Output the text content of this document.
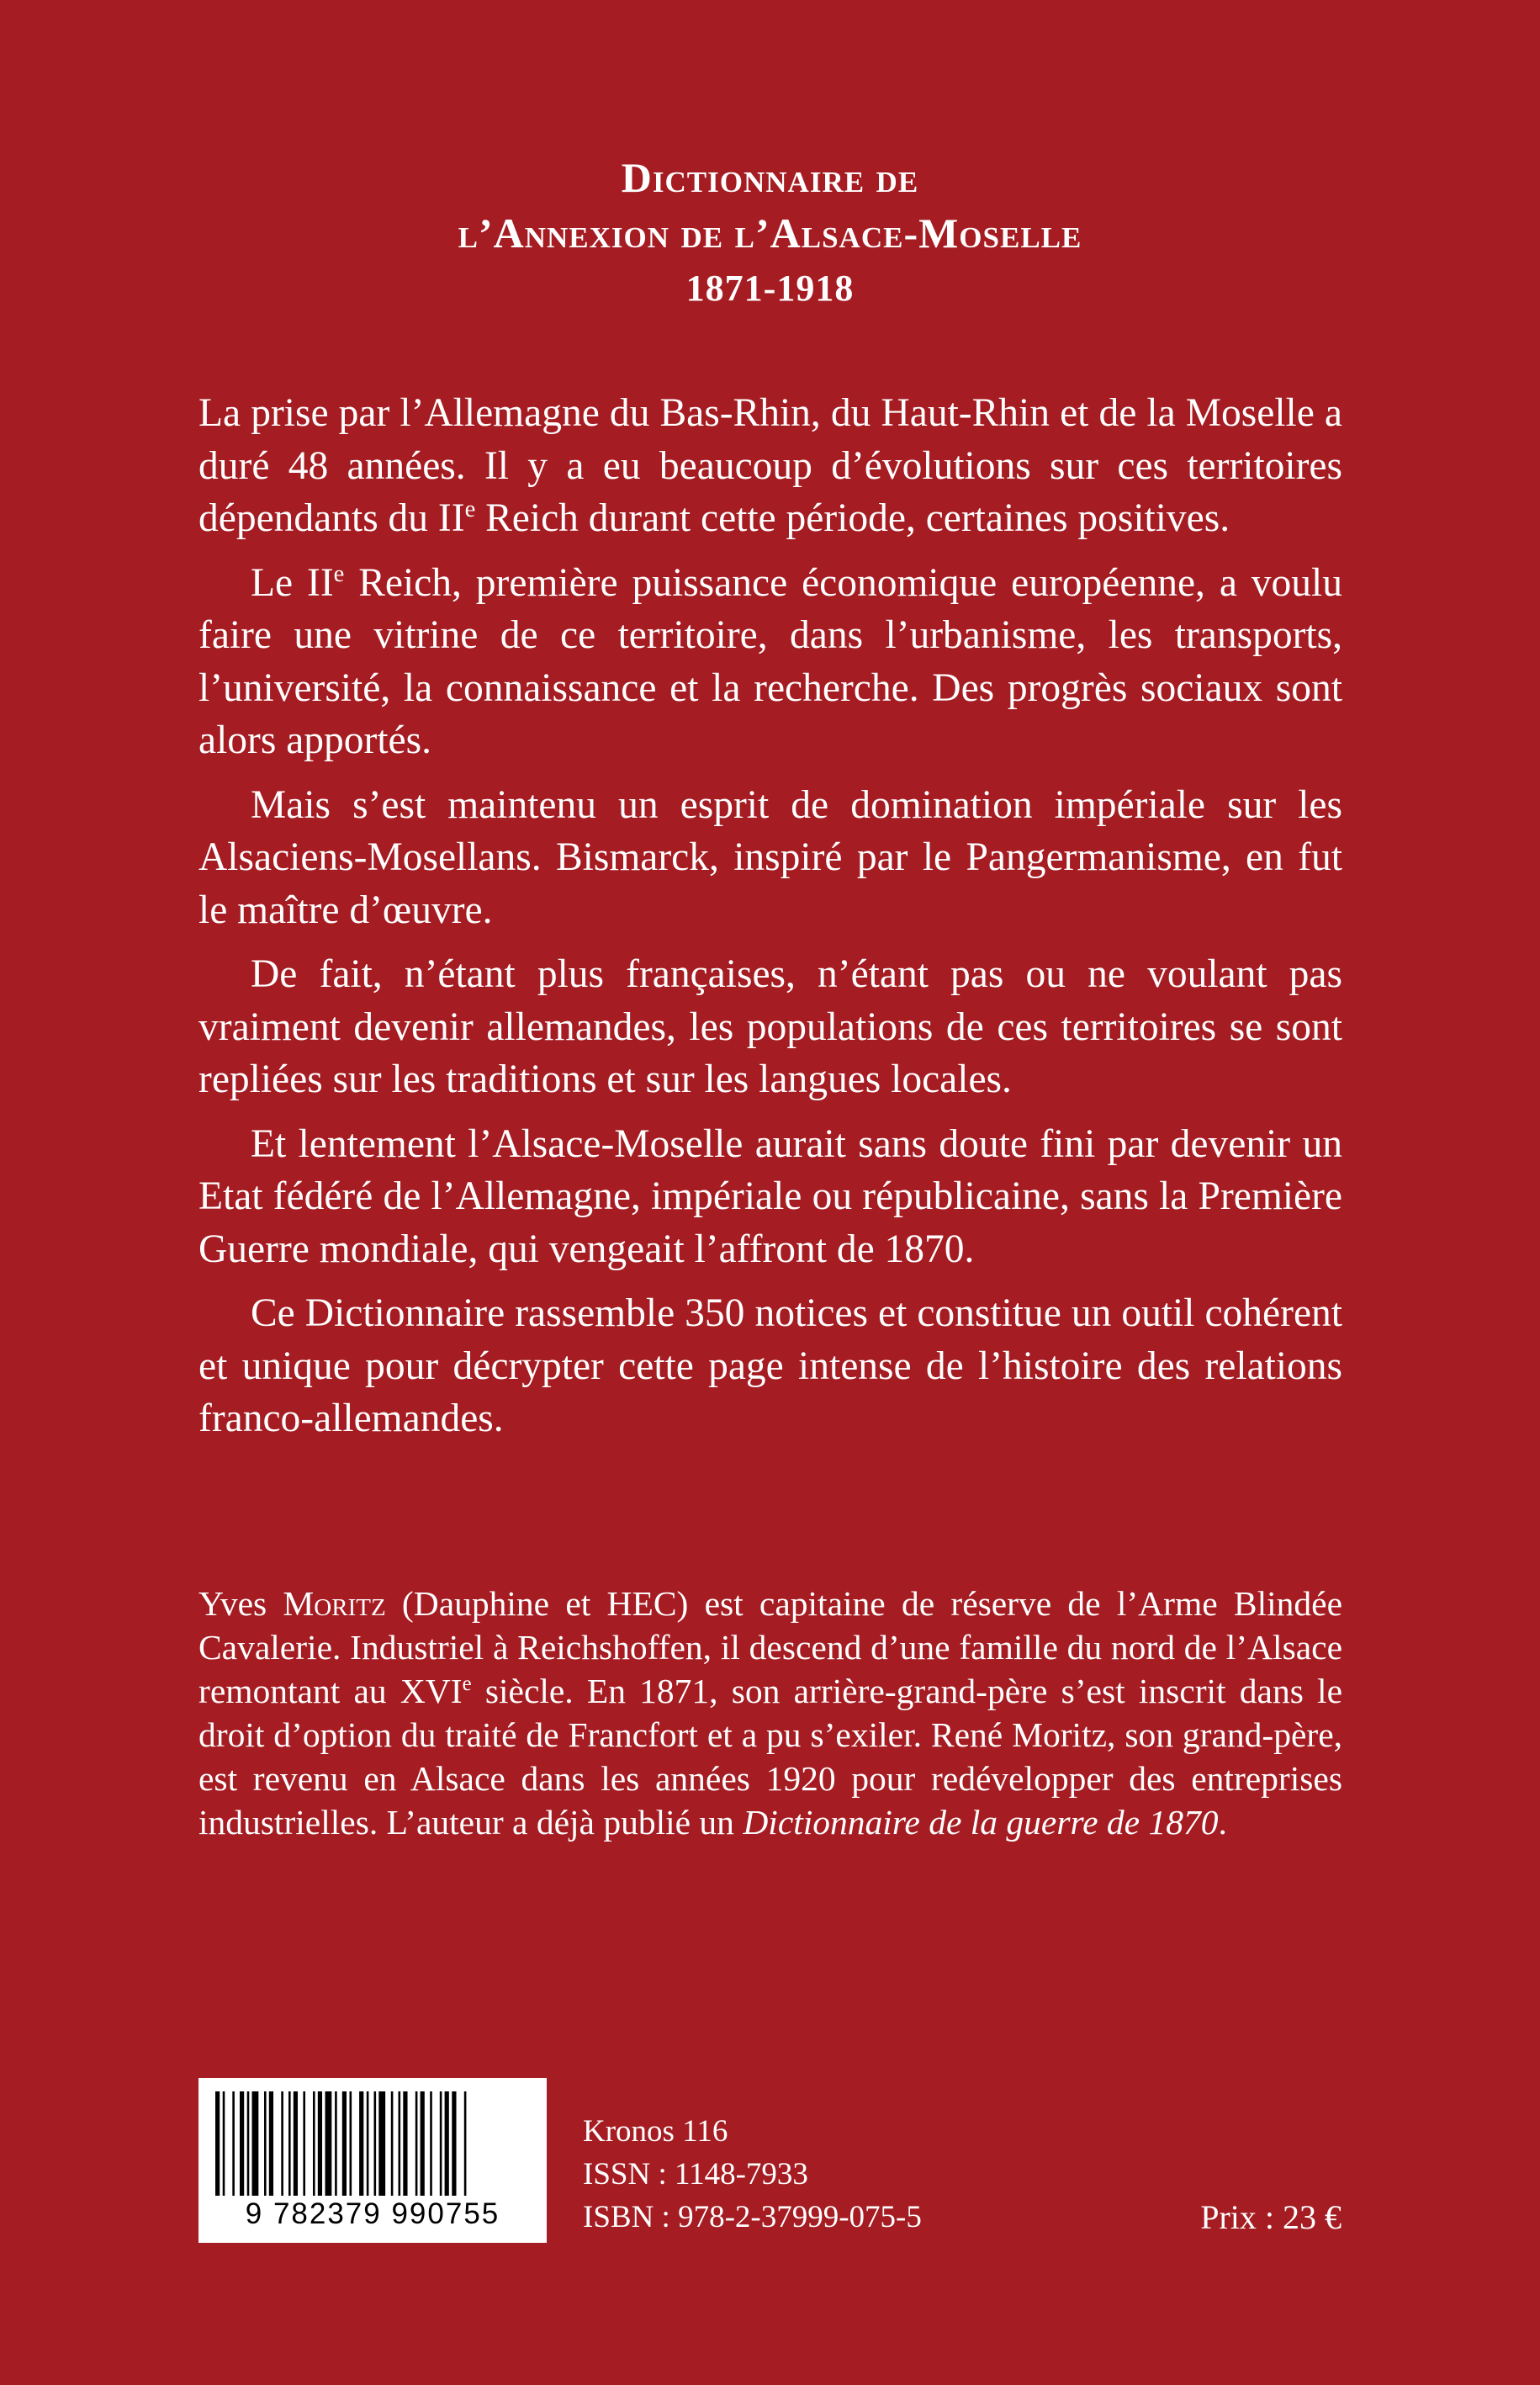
Dictionnaire de
l’Annexion de l’Alsace-Moselle
1871-1918

La prise par l’Allemagne du Bas-Rhin, du Haut-Rhin et de la Moselle a duré 48 années. Il y a eu beaucoup d’évolutions sur ces territoires dépendants du IIe Reich durant cette période, certaines positives.

Le IIe Reich, première puissance économique européenne, a voulu faire une vitrine de ce territoire, dans l’urbanisme, les transports, l’université, la connaissance et la recherche. Des progrès sociaux sont alors apportés.

Mais s’est maintenu un esprit de domination impériale sur les Alsaciens-Mosellans. Bismarck, inspiré par le Pangermanisme, en fut le maître d’œuvre.

De fait, n’étant plus françaises, n’étant pas ou ne voulant pas vraiment devenir allemandes, les populations de ces territoires se sont repliées sur les traditions et sur les langues locales.

Et lentement l’Alsace-Moselle aurait sans doute fini par devenir un Etat fédéré de l’Allemagne, impériale ou républicaine, sans la Première Guerre mondiale, qui vengeait l’affront de 1870.

Ce Dictionnaire rassemble 350 notices et constitue un outil cohérent et unique pour décrypter cette page intense de l’histoire des relations franco-allemandes.

Yves Moritz (Dauphine et HEC) est capitaine de réserve de l’Arme Blindée Cavalerie. Industriel à Reichshoffen, il descend d’une famille du nord de l’Alsace remontant au XVIe siècle. En 1871, son arrière-grand-père s’est inscrit dans le droit d’option du traité de Francfort et a pu s’exiler. René Moritz, son grand-père, est revenu en Alsace dans les années 1920 pour redévelopper des entreprises industrielles. L’auteur a déjà publié un Dictionnaire de la guerre de 1870.

9 782379 990755
Kronos 116
ISSN : 1148-7933
ISBN : 978-2-37999-075-5	Prix : 23 €
